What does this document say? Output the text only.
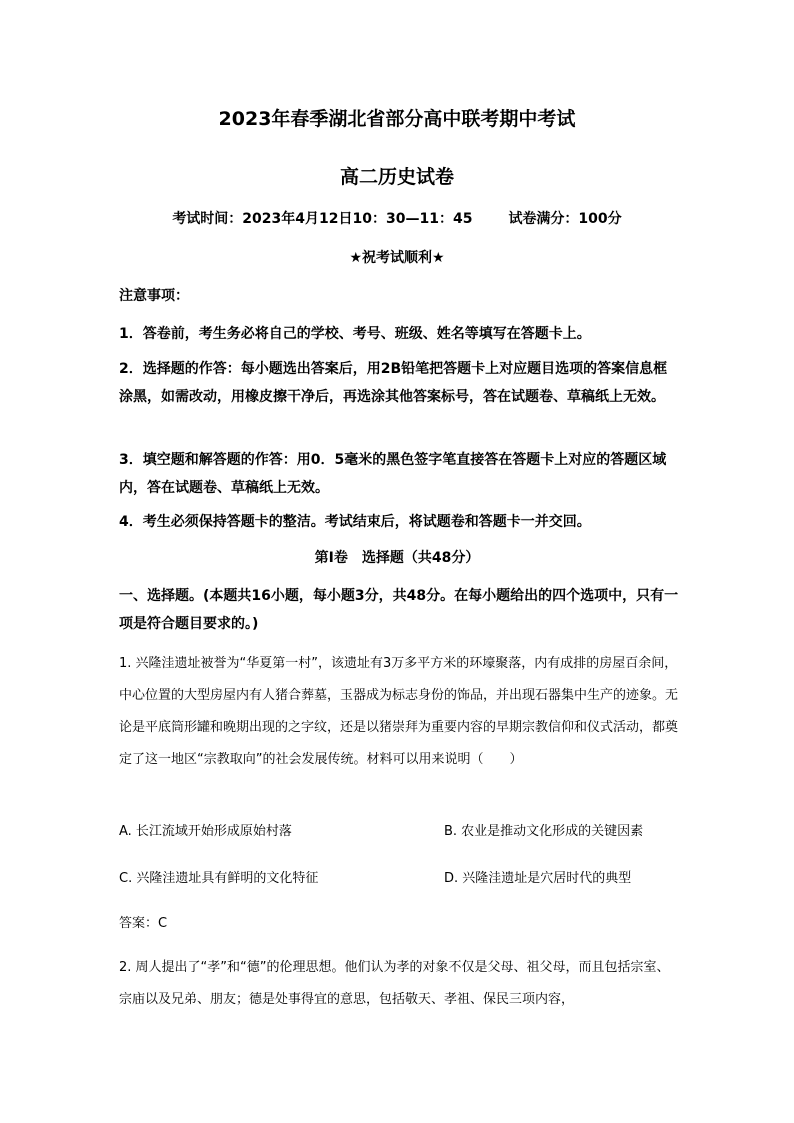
2023年春季湖北省部分高中联考期中考试
高二历史试卷
考试时间：2023年4月12日10：30—11：45	试卷满分：100分
★祝考试顺利★
注意事项：
1．答卷前，考生务必将自己的学校、考号、班级、姓名等填写在答题卡上。
2．选择题的作答：每小题选出答案后，用2B铅笔把答题卡上对应题目选项的答案信息框涂黑，如需改动，用橡皮擦干净后，再选涂其他答案标号，答在试题卷、草稿纸上无效。
3．填空题和解答题的作答：用0．5毫米的黑色签字笔直接答在答题卡上对应的答题区域内，答在试题卷、草稿纸上无效。
4．考生必须保持答题卡的整洁。考试结束后，将试题卷和答题卡一并交回。
第Ⅰ卷　选择题（共48分）
一、选择题。(本题共16小题，每小题3分，共48分。在每小题给出的四个选项中，只有一项是符合题目要求的。)
1. 兴隆洼遗址被誉为“华夏第一村”，该遗址有3万多平方米的环壕聚落，内有成排的房屋百余间，中心位置的大型房屋内有人猪合葬墓，玉器成为标志身份的饰品，并出现石器集中生产的迹象。无论是平底筒形罐和晚期出现的之字纹，还是以猪崇拜为重要内容的早期宗教信仰和仪式活动，都奠定了这一地区“宗教取向”的社会发展传统。材料可以用来说明（　　）
A. 长江流域开始形成原始村落	B. 农业是推动文化形成的关键因素
C. 兴隆洼遗址具有鲜明的文化特征	D. 兴隆洼遗址是穴居时代的典型
答案：C
2. 周人提出了“孝”和“德”的伦理思想。他们认为孝的对象不仅是父母、祖父母，而且包括宗室、宗庙以及兄弟、朋友；德是处事得宜的意思，包括敬天、孝祖、保民三项内容，
